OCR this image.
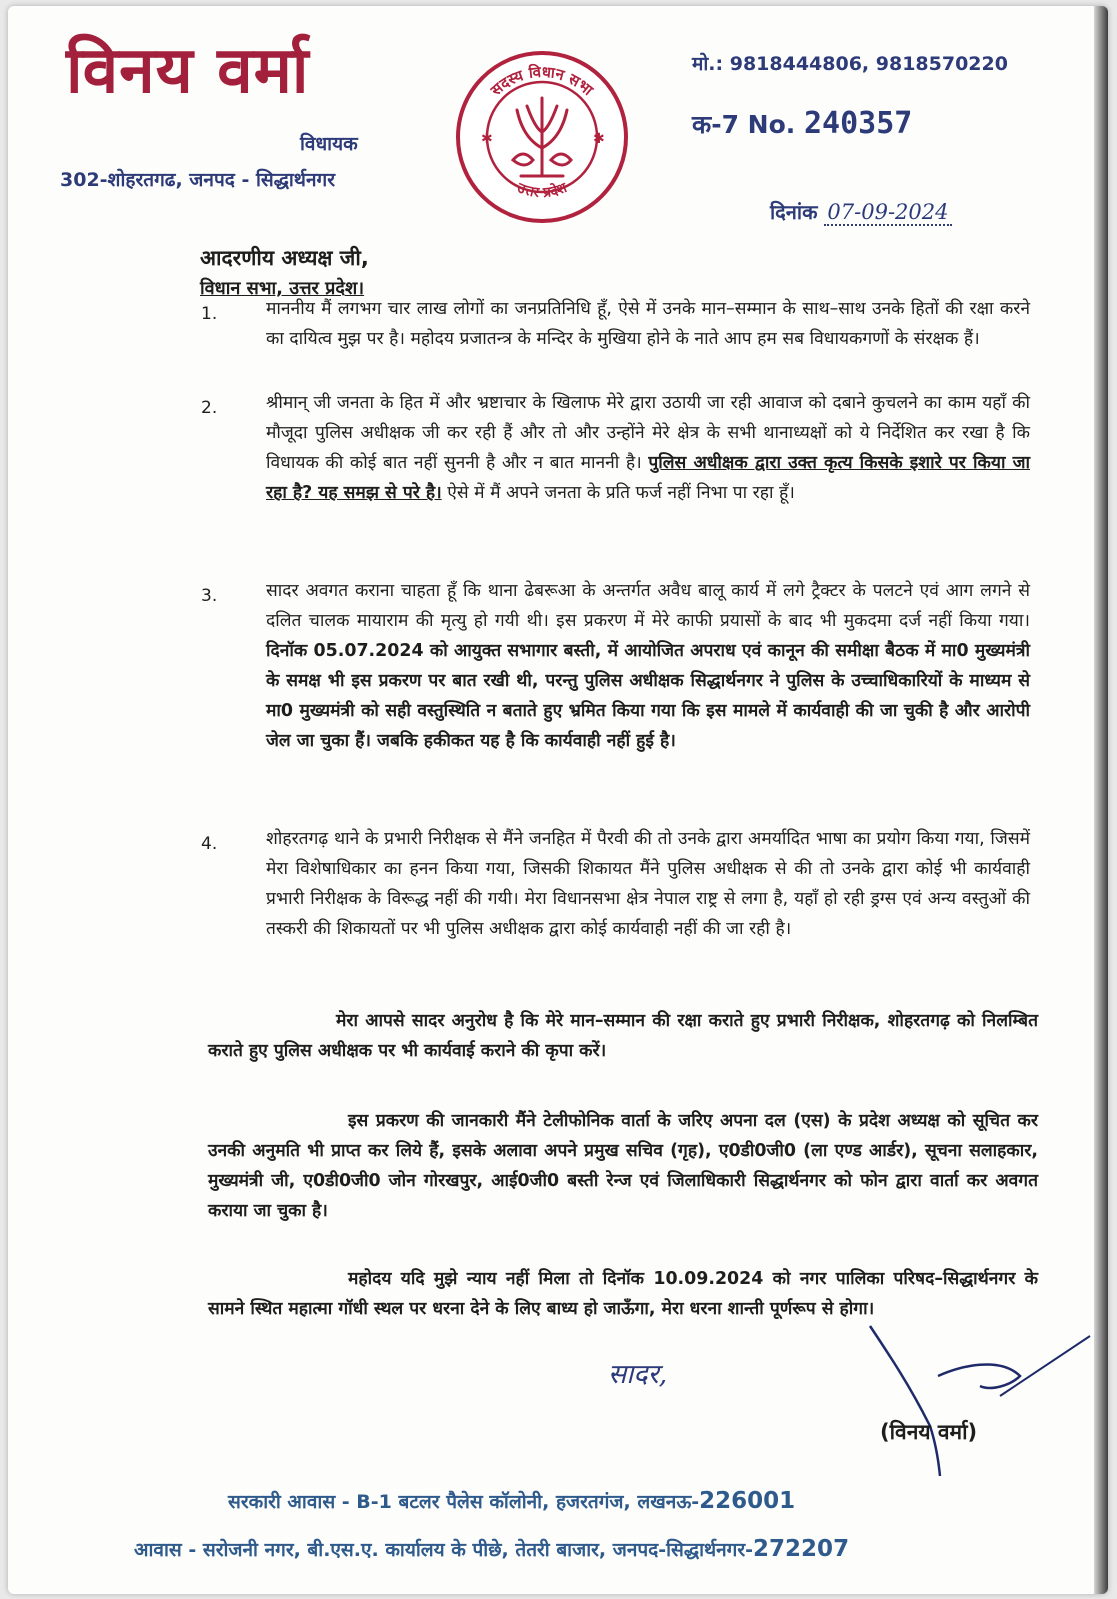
विनय वर्मा
विधायक
302-शोहरतगढ, जनपद - सिद्धार्थनगर
सदस्य विधान सभा
उत्तर प्रदेश
✱	✱
मो.: 9818444806, 9818570220
क-7 No. 240357
दिनांक 07-09-2024
आदरणीय अध्यक्ष जी,
विधान सभा, उत्तर प्रदेश।
1.	माननीय मैं लगभग चार लाख लोगों का जनप्रतिनिधि हूँ, ऐसे में उनके मान–सम्मान के साथ–साथ उनके हितों की रक्षा करने का दायित्व मुझ पर है। महोदय प्रजातन्त्र के मन्दिर के मुखिया होने के नाते आप हम सब विधायकगणों के संरक्षक हैं।

2.	श्रीमान् जी जनता के हित में और भ्रष्टाचार के खिलाफ मेरे द्वारा उठायी जा रही आवाज को दबाने कुचलने का काम यहाँ की मौजूदा पुलिस अधीक्षक जी कर रही हैं और तो और उन्होंने मेरे क्षेत्र के सभी थानाध्यक्षों को ये निर्देशित कर रखा है कि विधायक की कोई बात नहीं सुननी है और न बात माननी है। पुलिस अधीक्षक द्वारा उक्त कृत्य किसके इशारे पर किया जा रहा है? यह समझ से परे है। ऐसे में मैं अपने जनता के प्रति फर्ज नहीं निभा पा रहा हूँ।

3.	सादर अवगत कराना चाहता हूँ कि थाना ढेबरूआ के अन्तर्गत अवैध बालू कार्य में लगे ट्रैक्टर के पलटने एवं आग लगने से दलित चालक मायाराम की मृत्यु हो गयी थी। इस प्रकरण में मेरे काफी प्रयासों के बाद भी मुकदमा दर्ज नहीं किया गया। दिनॉक 05.07.2024 को आयुक्त सभागार बस्ती, में आयोजित अपराध एवं कानून की समीक्षा बैठक में मा0 मुख्यमंत्री के समक्ष भी इस प्रकरण पर बात रखी थी, परन्तु पुलिस अधीक्षक सिद्धार्थनगर ने पुलिस के उच्चाधिकारियों के माध्यम से मा0 मुख्यमंत्री को सही वस्तुस्थिति न बताते हुए भ्रमित किया गया कि इस मामले में कार्यवाही की जा चुकी है और आरोपी जेल जा चुका हैं। जबकि हकीकत यह है कि कार्यवाही नहीं हुई है।

4.	शोहरतगढ़ थाने के प्रभारी निरीक्षक से मैंने जनहित में पैरवी की तो उनके द्वारा अमर्यादित भाषा का प्रयोग किया गया, जिसमें मेरा विशेषाधिकार का हनन किया गया, जिसकी शिकायत मैंने पुलिस अधीक्षक से की तो उनके द्वारा कोई भी कार्यवाही प्रभारी निरीक्षक के विरूद्ध नहीं की गयी। मेरा विधानसभा क्षेत्र नेपाल राष्ट्र से लगा है, यहाँ हो रही ड्रग्स एवं अन्य वस्तुओं की तस्करी की शिकायतों पर भी पुलिस अधीक्षक द्वारा कोई कार्यवाही नहीं की जा रही है।

मेरा आपसे सादर अनुरोध है कि मेरे मान–सम्मान की रक्षा कराते हुए प्रभारी निरीक्षक, शोहरतगढ़ को निलम्बित कराते हुए पुलिस अधीक्षक पर भी कार्यवाई कराने की कृपा करें।

इस प्रकरण की जानकारी मैंने टेलीफोनिक वार्ता के जरिए अपना दल (एस) के प्रदेश अध्यक्ष को सूचित कर उनकी अनुमति भी प्राप्त कर लिये हैं, इसके अलावा अपने प्रमुख सचिव (गृह), ए0डी0जी0 (ला एण्ड आर्डर), सूचना सलाहकार, मुख्यमंत्री जी, ए0डी0जी0 जोन गोरखपुर, आई0जी0 बस्ती रेन्ज एवं जिलाधिकारी सिद्धार्थनगर को फोन द्वारा वार्ता कर अवगत कराया जा चुका है।

महोदय यदि मुझे न्याय नहीं मिला तो दिनॉक 10.09.2024 को नगर पालिका परिषद–सिद्धार्थनगर के सामने स्थित महात्मा गॉधी स्थल पर धरना देने के लिए बाध्य हो जाऊँगा, मेरा धरना शान्ती पूर्णरूप से होगा।

सादर,
(विनय वर्मा)
सरकारी आवास - B-1 बटलर पैलेस कॉलोनी, हजरतगंज, लखनऊ-226001
आवास - सरोजनी नगर, बी.एस.ए. कार्यालय के पीछे, तेतरी बाजार, जनपद-सिद्धार्थनगर-272207
